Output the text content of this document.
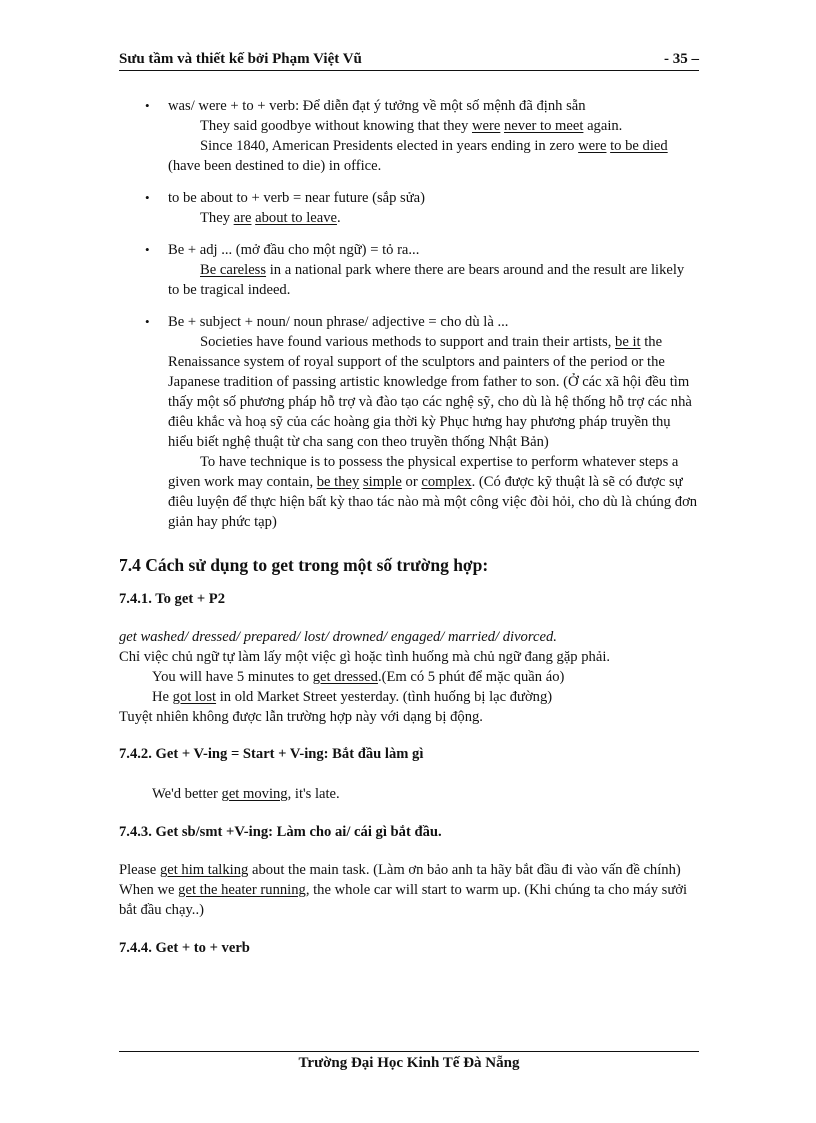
Sưu tầm và thiết kế bởi Phạm Việt Vũ	- 35 –
• was/ were + to + verb: Để diễn đạt ý tưởng về một số mệnh đã định sẵn

They said goodbye without knowing that they were never to meet again.

Since 1840, American Presidents elected in years ending in zero were to be died (have been destined to die) in office.

• to be about to + verb = near future (sắp sửa)

They are about to leave.

• Be + adj ... (mở đầu cho một ngữ) = tỏ ra...

Be careless in a national park where there are bears around and the result are likely to be tragical indeed.

• Be + subject + noun/ noun phrase/ adjective = cho dù là ...

Societies have found various methods to support and train their artists, be it the Renaissance system of royal support of the sculptors and painters of the period or the Japanese tradition of passing artistic knowledge from father to son. (Ở các xã hội đều tìm thấy một số phương pháp hỗ trợ và đào tạo các nghệ sỹ, cho dù là hệ thống hỗ trợ các nhà điêu khắc và hoạ sỹ của các hoàng gia thời kỳ Phục hưng hay phương pháp truyền thụ hiểu biết nghệ thuật từ cha sang con theo truyền thống Nhật Bản)

To have technique is to possess the physical expertise to perform whatever steps a given work may contain, be they simple or complex. (Có được kỹ thuật là sẽ có được sự điêu luyện để thực hiện bất kỳ thao tác nào mà một công việc đòi hỏi, cho dù là chúng đơn giản hay phức tạp)

7.4 Cách sử dụng to get trong một số trường hợp:
7.4.1. To get + P2

get washed/ dressed/ prepared/ lost/ drowned/ engaged/ married/ divorced.

Chỉ việc chủ ngữ tự làm lấy một việc gì hoặc tình huống mà chủ ngữ đang gặp phải.

You will have 5 minutes to get dressed.(Em có 5 phút để mặc quần áo)

He got lost in old Market Street yesterday. (tình huống bị lạc đường)

Tuyệt nhiên không được lẫn trường hợp này với dạng bị động.

7.4.2. Get + V-ing = Start + V-ing: Bắt đầu làm gì

We'd better get moving, it's late.

7.4.3. Get sb/smt +V-ing: Làm cho ai/ cái gì bắt đầu.

Please get him talking about the main task. (Làm ơn bảo anh ta hãy bắt đầu đi vào vấn đề chính)

When we get the heater running, the whole car will start to warm up. (Khi chúng ta cho máy sưởi bắt đầu chạy..)

7.4.4. Get + to + verb
Trường Đại Học Kinh Tế Đà Nẵng
